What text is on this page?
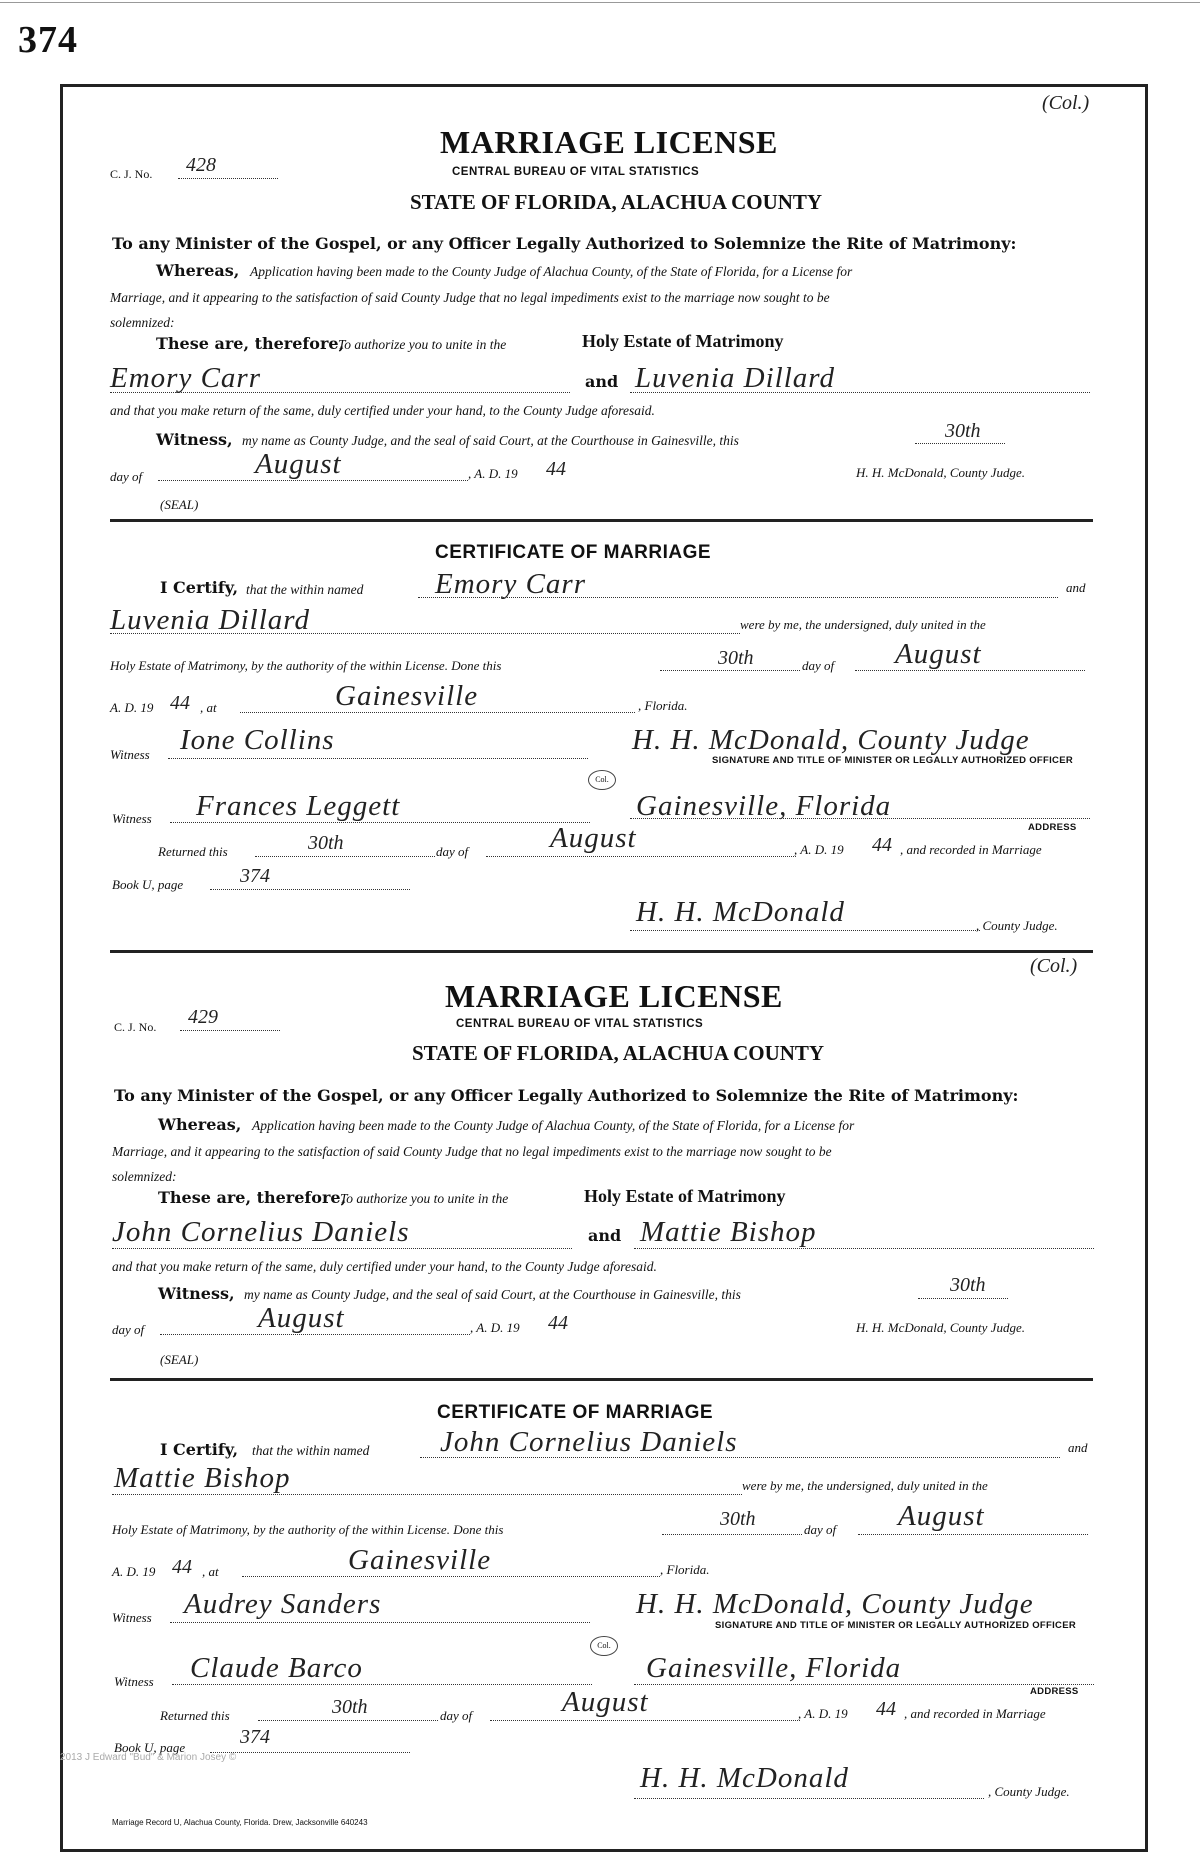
374
(Col.)
MARRIAGE LICENSE
C. J. No. 428	CENTRAL BUREAU OF VITAL STATISTICS
STATE OF FLORIDA, ALACHUA COUNTY
To any Minister of the Gospel, or any Officer Legally Authorized to Solemnize the Rite of Matrimony:
Whereas, Application having been made to the County Judge of Alachua County, of the State of Florida, for a License for
Marriage, and it appearing to the satisfaction of said County Judge that no legal impediments exist to the marriage now sought to be
solemnized:
These are, therefore,
To authorize you to unite in the	Holy Estate of Matrimony
Emory Carr	and Luvenia Dillard
and that you make return of the same, duly certified under your hand, to the County Judge aforesaid.
Witness, my name as County Judge, and the seal of said Court, at the Courthouse in Gainesville, this	30th
day of	August	, A. D. 19 44	H. H. McDonald, County Judge.
(SEAL)
CERTIFICATE OF MARRIAGE
I Certify, that the within named Emory Carr	and
Luvenia Dillard	were by me, the undersigned, duly united in the
Holy Estate of Matrimony, by the authority of the within License. Done this	30th	day of August
A. D. 19 44 , at	Gainesville	, Florida.
Witness Ione Collins	H. H. McDonald, County Judge
SIGNATURE AND TITLE OF MINISTER OR LEGALLY AUTHORIZED OFFICER
Col.
Witness Frances Leggett	Gainesville, Florida
ADDRESS
Returned this	30th	day of	August	, A. D. 19 44 , and recorded in Marriage
Book U, page	374
H. H. McDonald	, County Judge.
(Col.)
MARRIAGE LICENSE
C. J. No. 429	CENTRAL BUREAU OF VITAL STATISTICS
STATE OF FLORIDA, ALACHUA COUNTY
To any Minister of the Gospel, or any Officer Legally Authorized to Solemnize the Rite of Matrimony:
Whereas, Application having been made to the County Judge of Alachua County, of the State of Florida, for a License for
Marriage, and it appearing to the satisfaction of said County Judge that no legal impediments exist to the marriage now sought to be
solemnized:
These are, therefore,
To authorize you to unite in the	Holy Estate of Matrimony
John Cornelius Daniels	and Mattie Bishop
and that you make return of the same, duly certified under your hand, to the County Judge aforesaid.
Witness, my name as County Judge, and the seal of said Court, at the Courthouse in Gainesville, this	30th
day of	August	, A. D. 19 44	H. H. McDonald, County Judge.
(SEAL)
CERTIFICATE OF MARRIAGE
I Certify, that the within named John Cornelius Daniels	and
Mattie Bishop	were by me, the undersigned, duly united in the
Holy Estate of Matrimony, by the authority of the within License. Done this	30th	day of August
A. D. 19 44 , at	Gainesville	, Florida.
Witness Audrey Sanders	H. H. McDonald, County Judge
SIGNATURE AND TITLE OF MINISTER OR LEGALLY AUTHORIZED OFFICER
Col.
Witness Claude Barco	Gainesville, Florida
ADDRESS
Returned this	30th	day of	August	, A. D. 19 44 , and recorded in Marriage
Book U, page	374
H. H. McDonald	, County Judge.
2013 J Edward "Bud" & Marion Josey ©
Marriage Record U, Alachua County, Florida. Drew, Jacksonville 640243
